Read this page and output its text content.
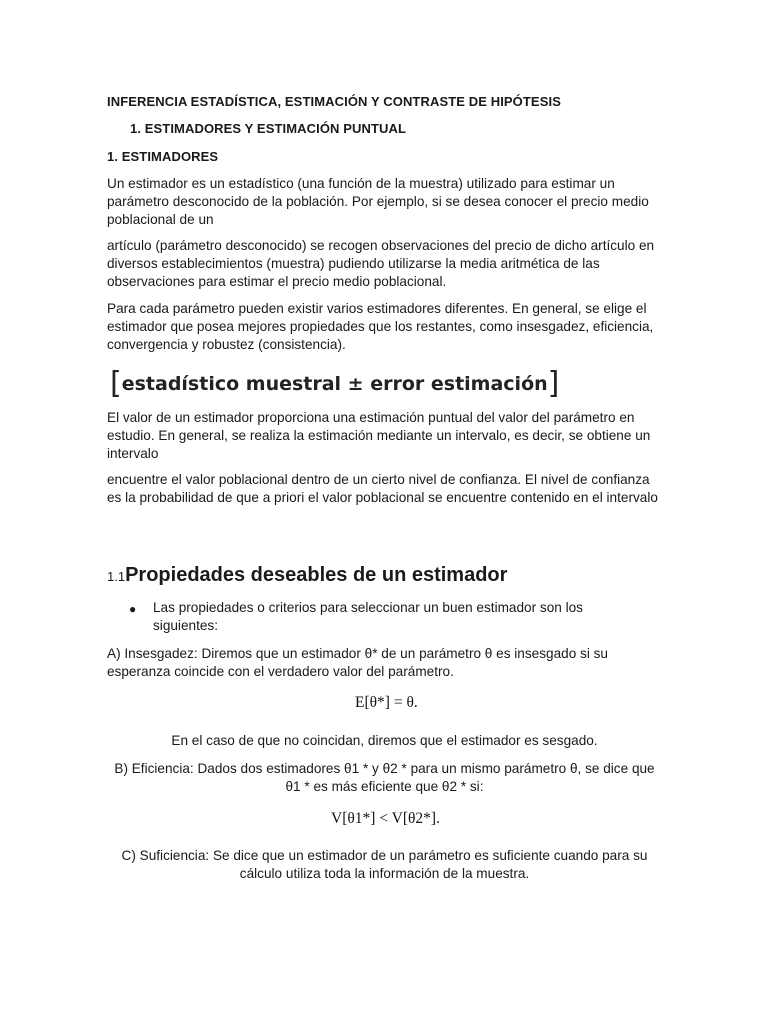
INFERENCIA ESTADÍSTICA, ESTIMACIÓN Y CONTRASTE DE HIPÓTESIS
1. ESTIMADORES Y ESTIMACIÓN PUNTUAL
1. ESTIMADORES

Un estimador es un estadístico (una función de la muestra) utilizado para estimar un parámetro desconocido de la población. Por ejemplo, si se desea conocer el precio medio poblacional de un

artículo (parámetro desconocido) se recogen observaciones del precio de dicho artículo en diversos establecimientos (muestra) pudiendo utilizarse la media aritmética de las observaciones para estimar el precio medio poblacional.

Para cada parámetro pueden existir varios estimadores diferentes. En general, se elige el estimador que posea mejores propiedades que los restantes, como insesgadez, eficiencia, convergencia y robustez (consistencia).

[estadístico muestral ± error estimación]

El valor de un estimador proporciona una estimación puntual del valor del parámetro en estudio. En general, se realiza la estimación mediante un intervalo, es decir, se obtiene un intervalo

encuentre el valor poblacional dentro de un cierto nivel de confianza. El nivel de confianza es la probabilidad de que a priori el valor poblacional se encuentre contenido en el intervalo

1.1Propiedades deseables de un estimador
● Las propiedades o criterios para seleccionar un buen estimador son los siguientes:

A) Insesgadez: Diremos que un estimador θ* de un parámetro θ es insesgado si su esperanza coincide con el verdadero valor del parámetro.

E[θ*] = θ.

En el caso de que no coincidan, diremos que el estimador es sesgado.

B) Eficiencia: Dados dos estimadores θ1 * y θ2 * para un mismo parámetro θ, se dice que θ1 * es más eficiente que θ2 * si:

V[θ1*] < V[θ2*].

C) Suficiencia: Se dice que un estimador de un parámetro es suficiente cuando para su cálculo utiliza toda la información de la muestra.
